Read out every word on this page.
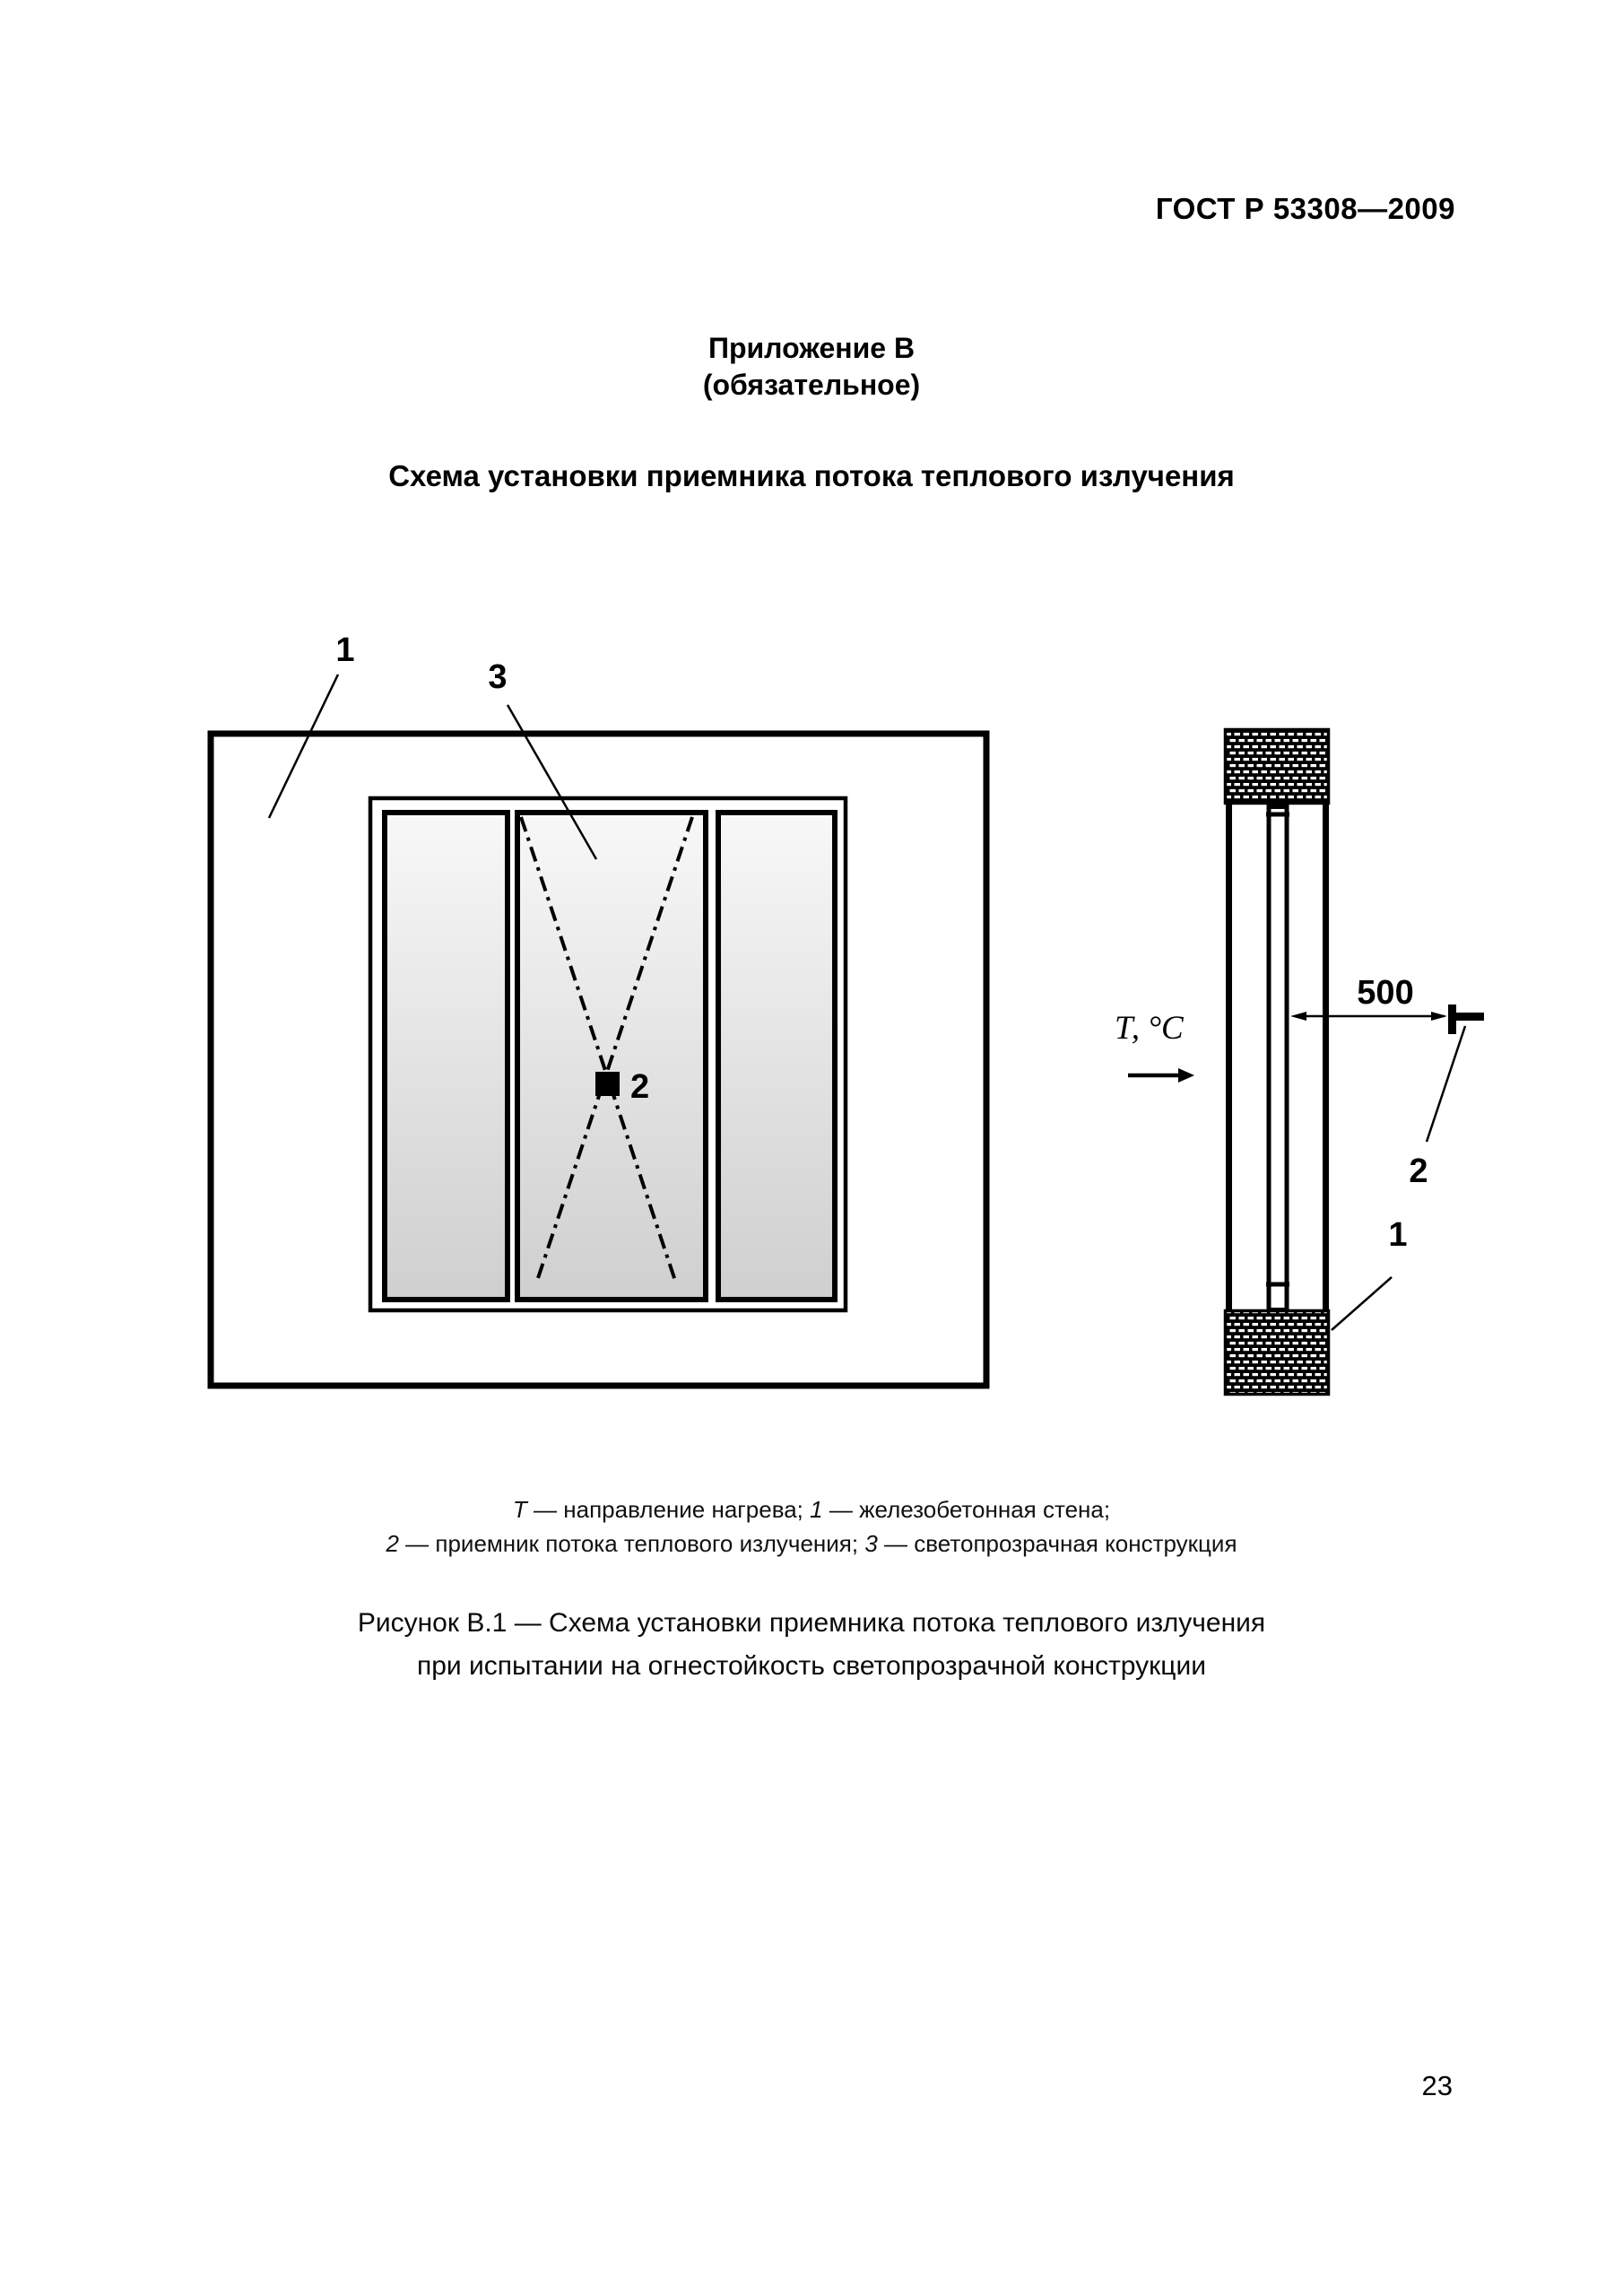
ГОСТ Р 53308—2009
Приложение В
(обязательное)
Схема установки приемника потока теплового излучения
1
3
2
Т, °С
500
2
1
Т — направление нагрева; 1 — железобетонная стена;
2 — приемник потока теплового излучения; 3 — светопрозрачная конструкция
Рисунок В.1 — Схема установки приемника потока теплового излучения
при испытании на огнестойкость светопрозрачной конструкции
23
